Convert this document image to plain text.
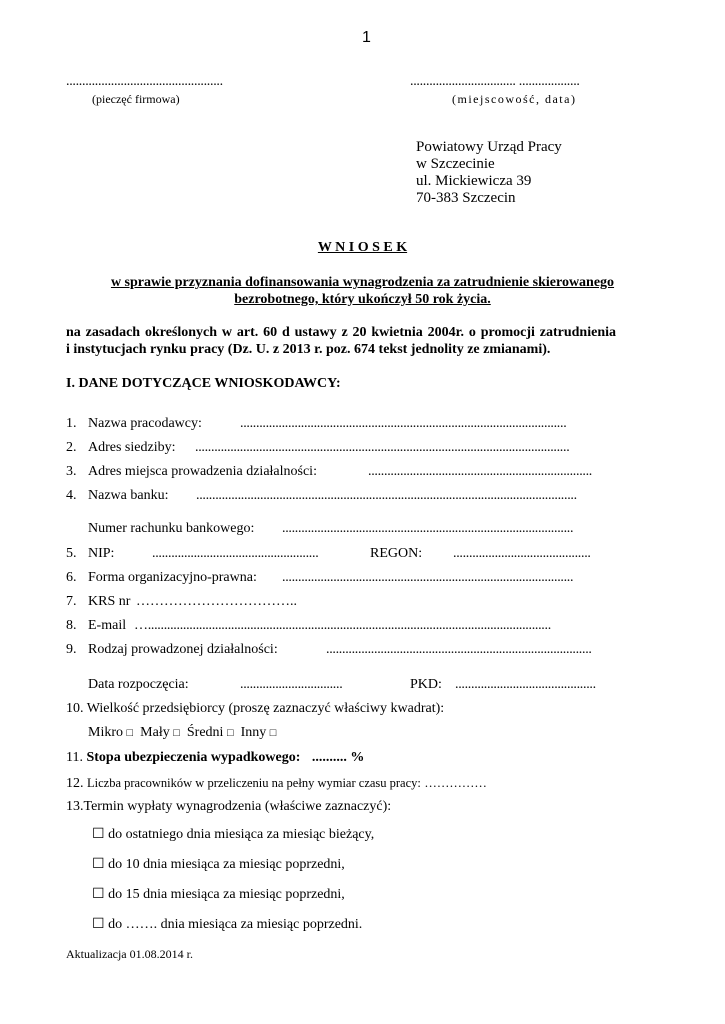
1
.................................................
(pieczęć firmowa)
................................. ...................
(miejscowość, data)
Powiatowy Urząd Pracy
w Szczecinie
ul. Mickiewicza 39
70-383 Szczecin
W N I O S E K
w sprawie przyznania dofinansowania wynagrodzenia za zatrudnienie skierowanego
bezrobotnego, który ukończył 50 rok życia.
na zasadach określonych w art. 60 d ustawy z 20 kwietnia 2004r. o promocji zatrudnienia
i instytucjach rynku pracy (Dz. U. z 2013 r. poz. 674 tekst jednolity ze zmianami).
I. DANE DOTYCZĄCE WNIOSKODAWCY:
1. Nazwa pracodawcy:	......................................................................................................
2. Adres siedziby: .....................................................................................................................
3. Adres miejsca prowadzenia działalności:	......................................................................
4. Nazwa banku: .......................................................................................................................
Numer rachunku bankowego: ...........................................................................................
5. NIP:	....................................................	REGON: ...........................................
6. Forma organizacyjno-prawna: ...........................................................................................
7. KRS nr ……………………………..
8. E-mail …..............................................................................................................................
9. Rodzaj prowadzonej działalności:	...................................................................................
Data rozpoczęcia:	................................	PKD: ............................................
10. Wielkość przedsiębiorcy (proszę zaznaczyć właściwy kwadrat):
Mikro □ Mały □ Średni □ Inny □
11. Stopa ubezpieczenia wypadkowego: .......... %
12. Liczba pracowników w przeliczeniu na pełny wymiar czasu pracy: ……………
13.Termin wypłaty wynagrodzenia (właściwe zaznaczyć):
☐ do ostatniego dnia miesiąca za miesiąc bieżący,
☐ do 10 dnia miesiąca za miesiąc poprzedni,
☐ do 15 dnia miesiąca za miesiąc poprzedni,
☐ do ……. dnia miesiąca za miesiąc poprzedni.
Aktualizacja 01.08.2014 r.
